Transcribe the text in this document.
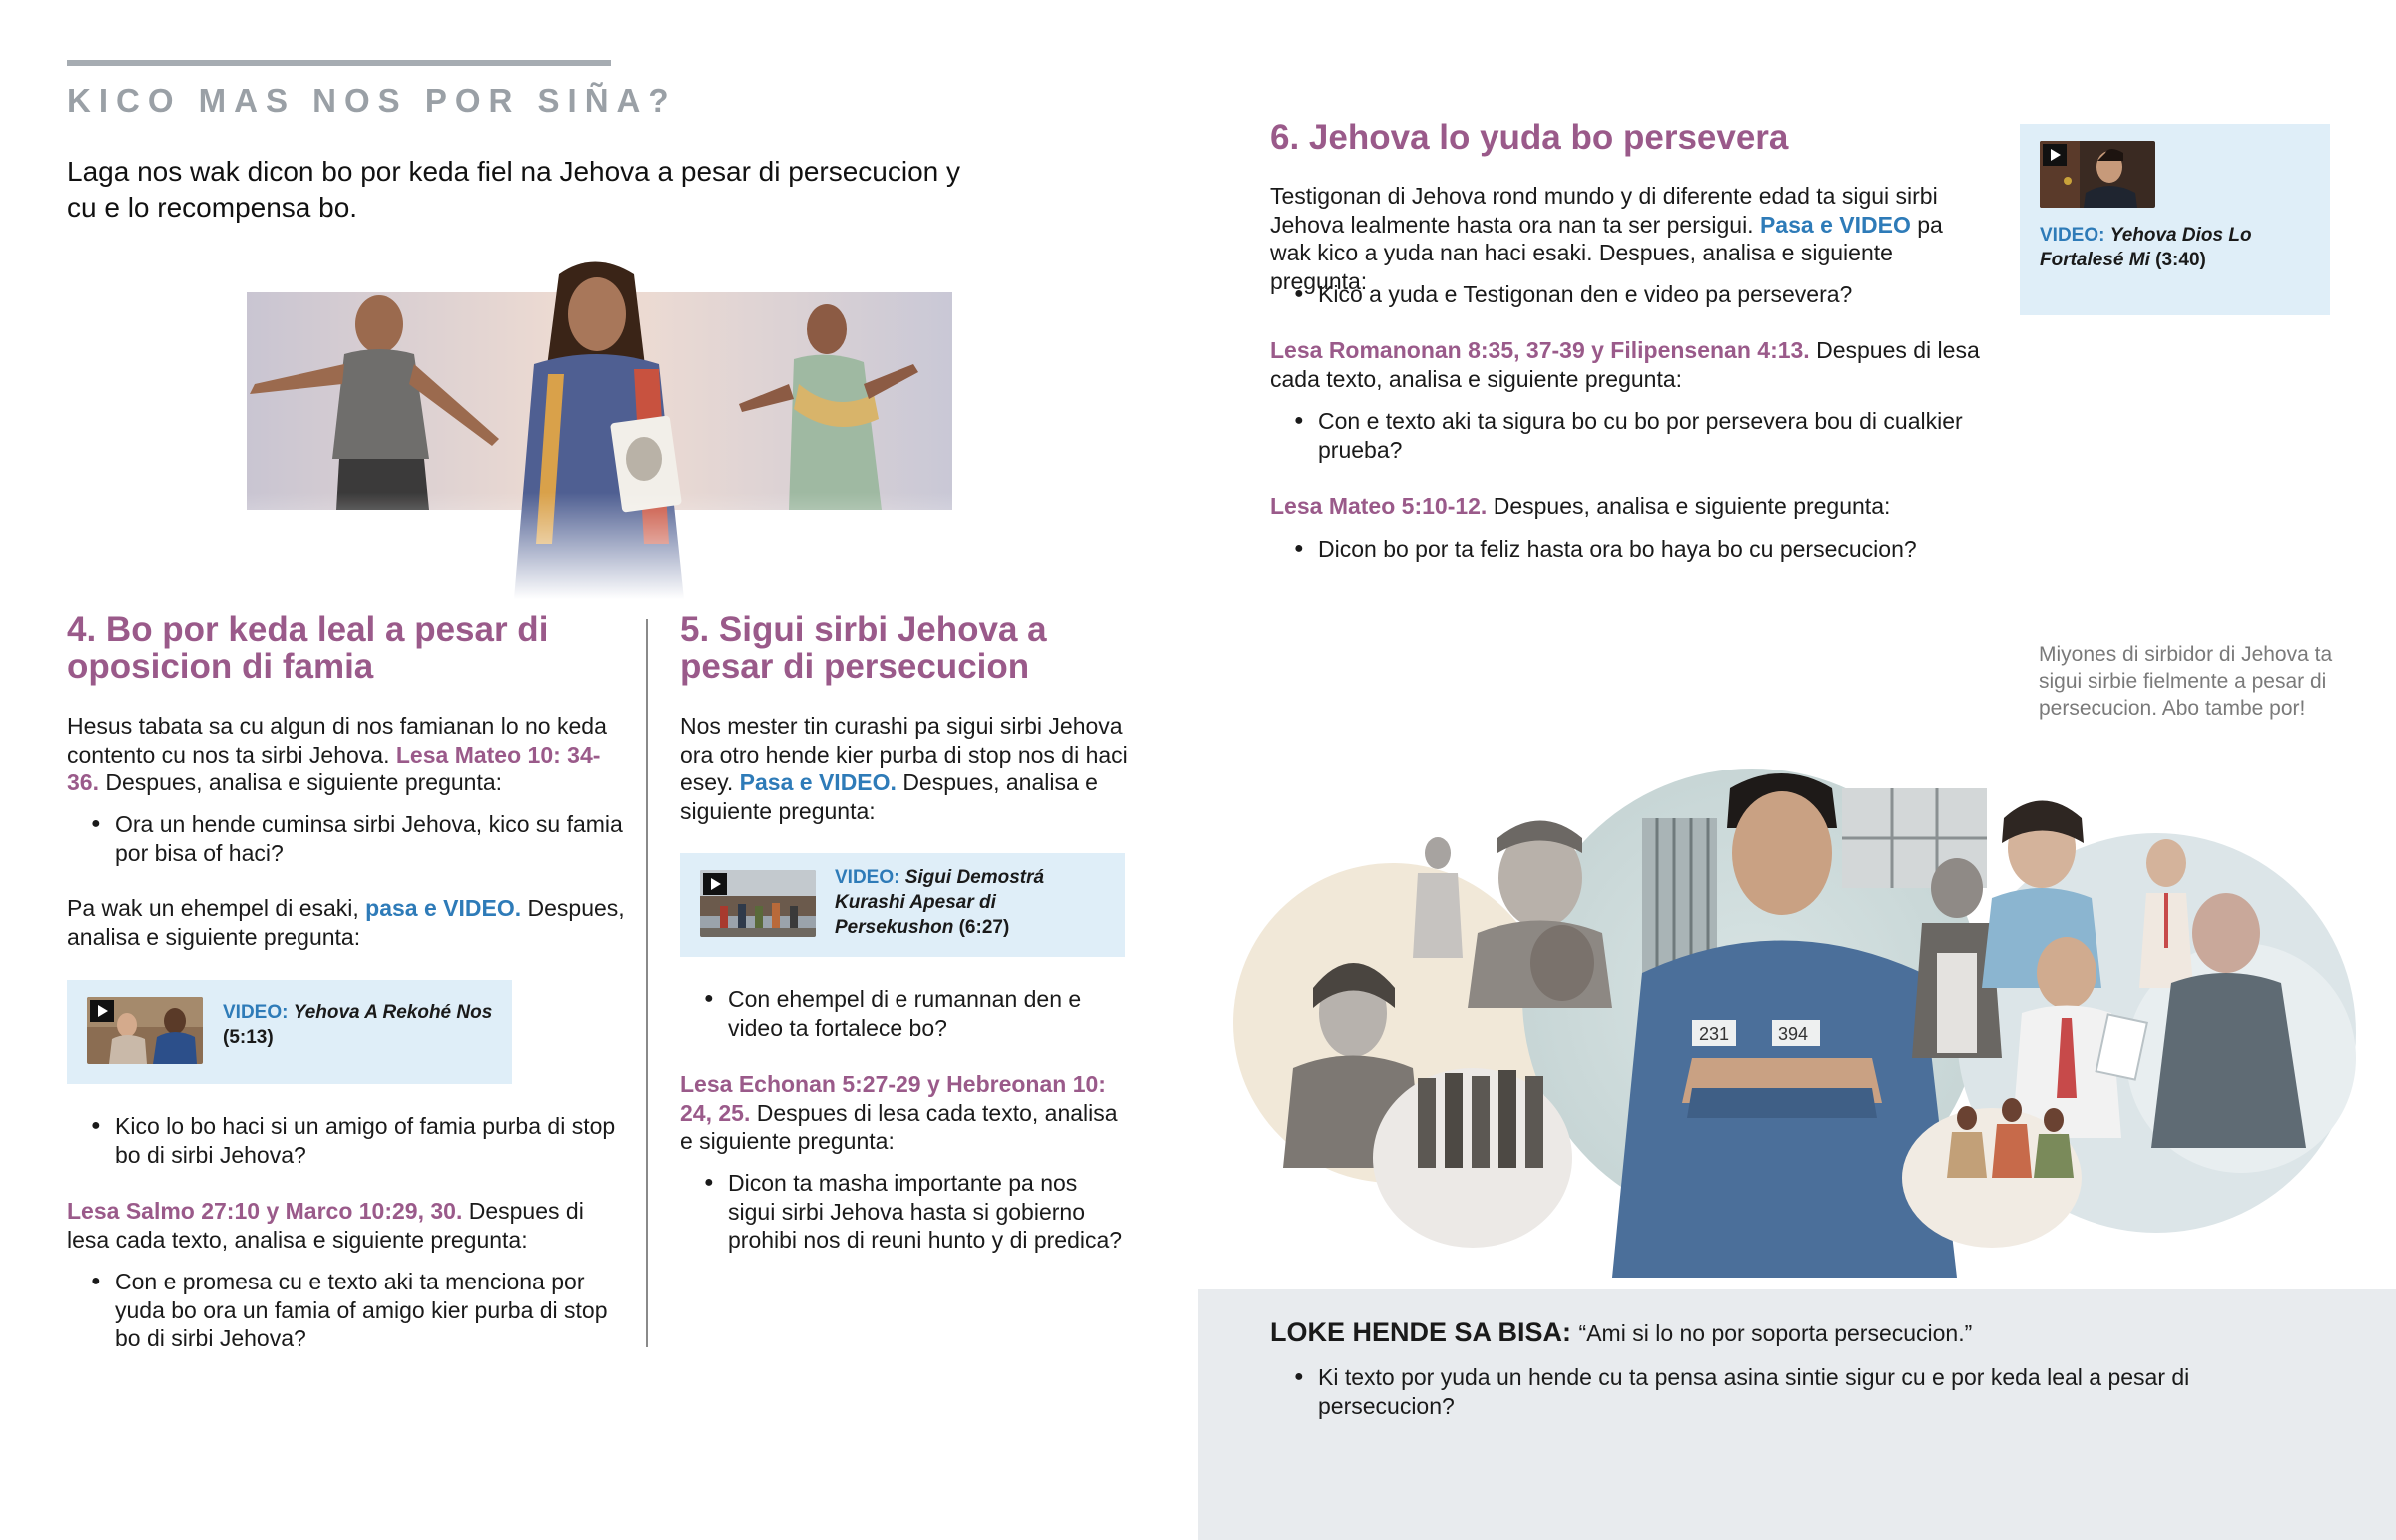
KICO MAS NOS POR SIÑA?
Laga nos wak dicon bo por keda fiel na Jehova a pesar di persecucion y cu e lo recompensa bo.
4. Bo por keda leal a pesar di oposicion di famia
Hesus tabata sa cu algun di nos famianan lo no keda contento cu nos ta sirbi Jehova. Lesa Mateo 10: 34-36. Despues, analisa e siguiente pregunta:
● Ora un hende cuminsa sirbi Jehova, kico su famia por bisa of haci?
Pa wak un ehempel di esaki, pasa e VIDEO. Despues, analisa e siguiente pregunta:
VIDEO: Yehova A Rekohé Nos (5:13)
● Kico lo bo haci si un amigo of famia purba di stop bo di sirbi Jehova?
Lesa Salmo 27:10 y Marco 10:29, 30. Despues di lesa cada texto, analisa e siguiente pregunta:
● Con e promesa cu e texto aki ta menciona por yuda bo ora un famia of amigo kier purba di stop bo di sirbi Jehova?
5. Sigui sirbi Jehova a pesar di persecucion
Nos mester tin curashi pa sigui sirbi Jehova ora otro hende kier purba di stop nos di haci esey. Pasa e VIDEO. Despues, analisa e siguiente pregunta:
VIDEO: Sigui Demostrá Kurashi Apesar di Persekushon (6:27)
● Con ehempel di e rumannan den e video ta fortalece bo?
Lesa Echonan 5:27-29 y Hebreonan 10: 24, 25. Despues di lesa cada texto, analisa e siguiente pregunta:
● Dicon ta masha importante pa nos sigui sirbi Jehova hasta si gobierno prohibi nos di reuni hunto y di predica?
6. Jehova lo yuda bo persevera
Testigonan di Jehova rond mundo y di diferente edad ta sigui sirbi Jehova lealmente hasta ora nan ta ser persigui. Pasa e VIDEO pa wak kico a yuda nan haci esaki. Despues, analisa e siguiente pregunta:
● Kico a yuda e Testigonan den e video pa persevera?
Lesa Romanonan 8:35, 37-39 y Filipensenan 4:13. Despues di lesa cada texto, analisa e siguiente pregunta:
● Con e texto aki ta sigura bo cu bo por persevera bou di cualkier prueba?
Lesa Mateo 5:10-12. Despues, analisa e siguiente pregunta:
● Dicon bo por ta feliz hasta ora bo haya bo cu persecucion?
VIDEO: Yehova Dios Lo Fortalesé Mi (3:40)
Miyones di sirbidor di Jehova ta sigui sirbie fielmente a pesar di persecucion. Abo tambe por!
231	394
LOKE HENDE SA BISA: “Ami si lo no por soporta persecucion.”
● Ki texto por yuda un hende cu ta pensa asina sintie sigur cu e por keda leal a pesar di persecucion?
